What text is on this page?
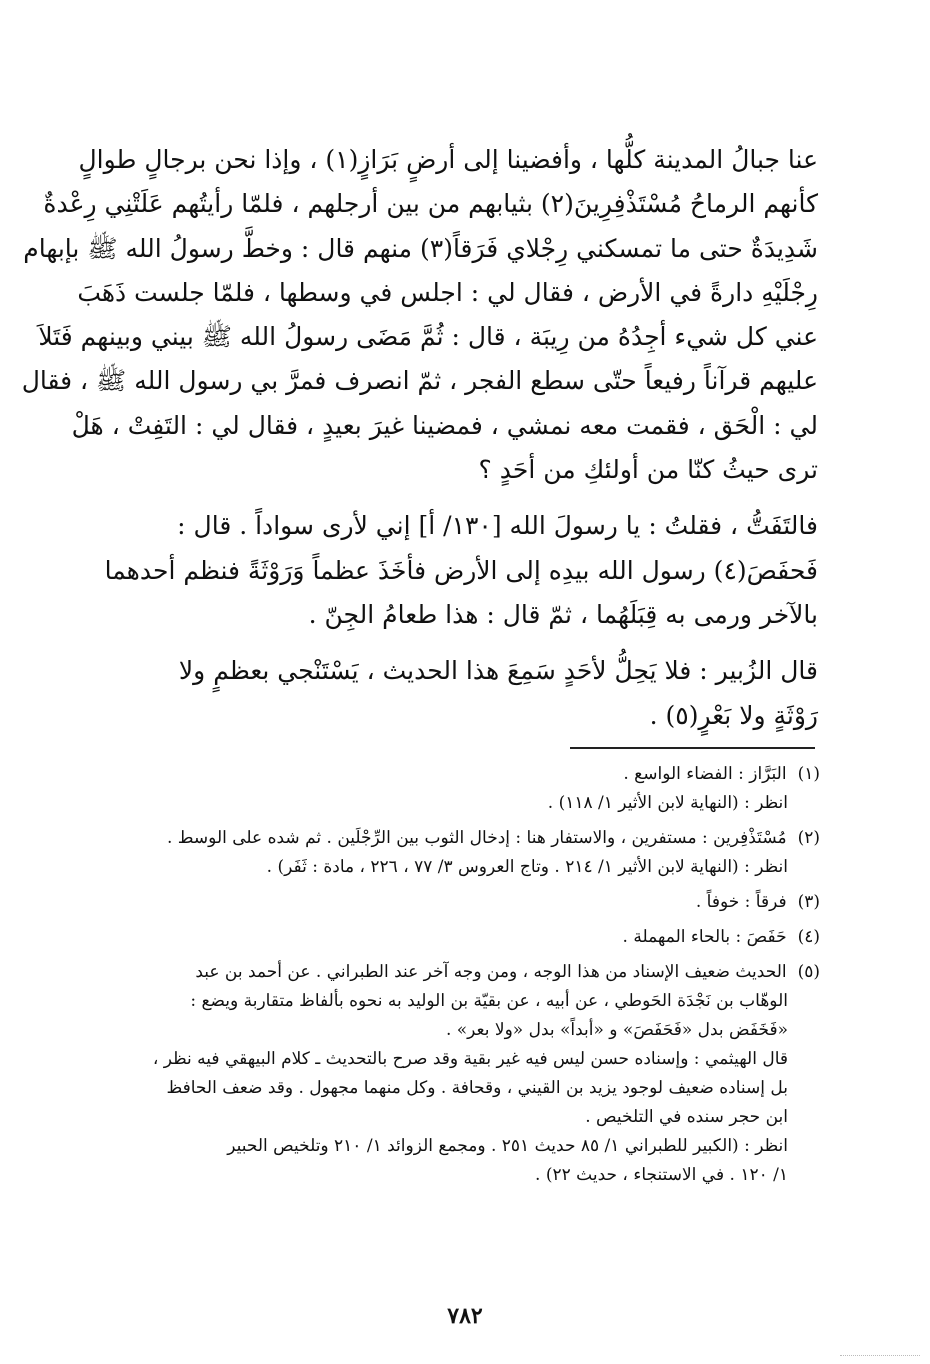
عنا جبالُ المدينة كلُّها ، وأفضينا إلى أرضٍ بَرَازٍ(١) ، وإذا نحن برجالٍ طوالٍ
كأنهم الرماحُ مُسْتَذْفِرِينَ(٢) بثيابهم من بين أرجلهم ، فلمّا رأيتُهم عَلَتْنِي رِعْدةٌ
شَدِيدَةٌ حتى ما تمسكني رِجْلاي فَرَقاً(٣) منهم قال : وخطَّ رسولُ الله ﷺ بإبهام
رِجْلَيْهِ دارةً في الأرض ، فقال لي : اجلس في وسطها ، فلمّا جلست ذَهَبَ
عني كل شيء أجِدُهُ من رِيبَة ، قال : ثُمَّ مَضَى رسولُ الله ﷺ بيني وبينهم فَتَلاَ
عليهم قرآناً رفيعاً حتّى سطع الفجر ، ثمّ انصرف فمرَّ بي رسول الله ﷺ ، فقال
لي : الْحَق ، فقمت معه نمشي ، فمضينا غيرَ بعيدٍ ، فقال لي : التَفِتْ ، هَلْ
ترى حيثُ كنّا من أولئكِ من أحَدٍ ؟

فالتَفَتُّ ، فقلتُ : يا رسولَ الله [١٣٠/ أ] إني لأرى سواداً . قال :
فَحفَصَ(٤) رسول الله بيدِه إلى الأرض فأخَذَ عظماً وَرَوْثَةً فنظم أحدهما
بالآخر ورمى به قِبَلَهُما ، ثمّ قال : هذا طعامُ الجِنّ .

قال الزُبير : فلا يَحِلُّ لأحَدٍ سَمِعَ هذا الحديث ، يَسْتَنْجي بعظمٍ ولا
رَوْثَةٍ ولا بَعْرٍ(٥) .

(١) البَرَّاز : الفضاء الواسع .
انظر : (النهاية لابن الأثير ١/ ١١٨) .
(٢) مُسْتَذْفِرين : مستفرين ، والاستفار هنا : إدخال الثوب بين الرِّجْلَين . ثم شده على الوسط .
انظر : (النهاية لابن الأثير ١/ ٢١٤ . وتاج العروس ٣/ ٧٧ ، ٢٢٦ ، مادة : ثَفَر) .
(٣) فرقاً : خوفاً .
(٤) حَفَصَ : بالحاء المهملة .
(٥) الحديث ضعيف الإسناد من هذا الوجه ، ومن وجه آخر عند الطبراني . عن أحمد بن عبد
الوهّاب بن نَجْدَة الحَوطي ، عن أبيه ، عن بقيّة بن الوليد به نحوه بألفاظ متقاربة ويضع :
«فَخَفَض بدل «فَحَفَصَ» و «أبداً» بدل «ولا بعر» .
قال الهيثمي : وإسناده حسن ليس فيه غير بقية وقد صرح بالتحديث ـ كلام البيهقي فيه نظر ،
بل إسناده ضعيف لوجود يزيد بن القيني ، وقحافة . وكل منهما مجهول . وقد ضعف الحافظ
ابن حجر سنده في التلخيص .
انظر : (الكبير للطبراني ١/ ٨٥ حديث ٢٥١ . ومجمع الزوائد ١/ ٢١٠ وتلخيص الحبير
١/ ١٢٠ . في الاستنجاء ، حديث ٢٢) .
٧٨٢
